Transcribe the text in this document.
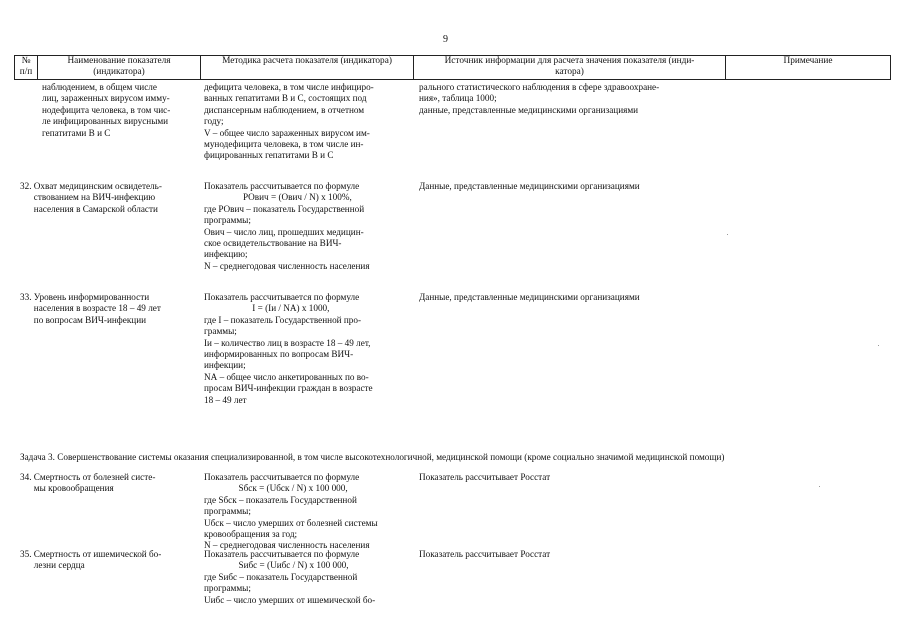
9
№
п/п
Наименование показателя
(индикатора)
Методика расчета показателя (индикатора)	Источник информации для расчета значения показателя (инди-
катора)
Примечание
наблюдением, в общем числе
лиц, зараженных вирусом имму-
нодефицита человека, в том чис-
ле инфицированных вирусными
гепатитами В и С
дефицита человека, в том числе инфициро-
ванных гепатитами В и С, состоящих под
диспансерным наблюдением, в отчетном
году;
V – общее число зараженных вирусом им-
мунодефицита человека, в том числе ин-
фицированных гепатитами В и С
рального статистического наблюдения в сфере здравоохране-
ния», таблица 1000;
данные, представленные медицинскими организациями
32. Охват медицинским освидетель-
ствованием на ВИЧ-инфекцию
населения в Самарской области
Показатель рассчитывается по формуле
POвич = (Oвич / N) x 100%,
где POвич – показатель Государственной
программы;
Oвич – число лиц, прошедших медицин-
ское освидетельствование на ВИЧ-
инфекцию;
N – среднегодовая численность населения
Данные, представленные медицинскими организациями
33. Уровень информированности
населения в возрасте 18 – 49 лет
по вопросам ВИЧ-инфекции
Показатель рассчитывается по формуле
I = (Iи / NА) x 1000,
где I – показатель Государственной про-
граммы;
Iи – количество лиц в возрасте 18 – 49 лет,
информированных по вопросам ВИЧ-
инфекции;
NА – общее число анкетированных по во-
просам ВИЧ-инфекции граждан в возрасте
18 – 49 лет
Данные, представленные медицинскими организациями
Задача 3. Совершенствование системы оказания специализированной, в том числе высокотехнологичной, медицинской помощи (кроме социально значимой медицинской помощи)
34. Смертность от болезней систе-
мы кровообращения
Показатель рассчитывается по формуле
Sбск = (Uбск / N) x 100 000,
где Sбск – показатель Государственной
программы;
Uбск – число умерших от болезней системы
кровообращения за год;
N – среднегодовая численность населения
Показатель рассчитывает Росстат
35. Смертность от ишемической бо-
лезни сердца
Показатель рассчитывается по формуле
Sибс = (Uибс / N) x 100 000,
где Sибс – показатель Государственной
программы;
Uибс – число умерших от ишемической бо-
Показатель рассчитывает Росстат
